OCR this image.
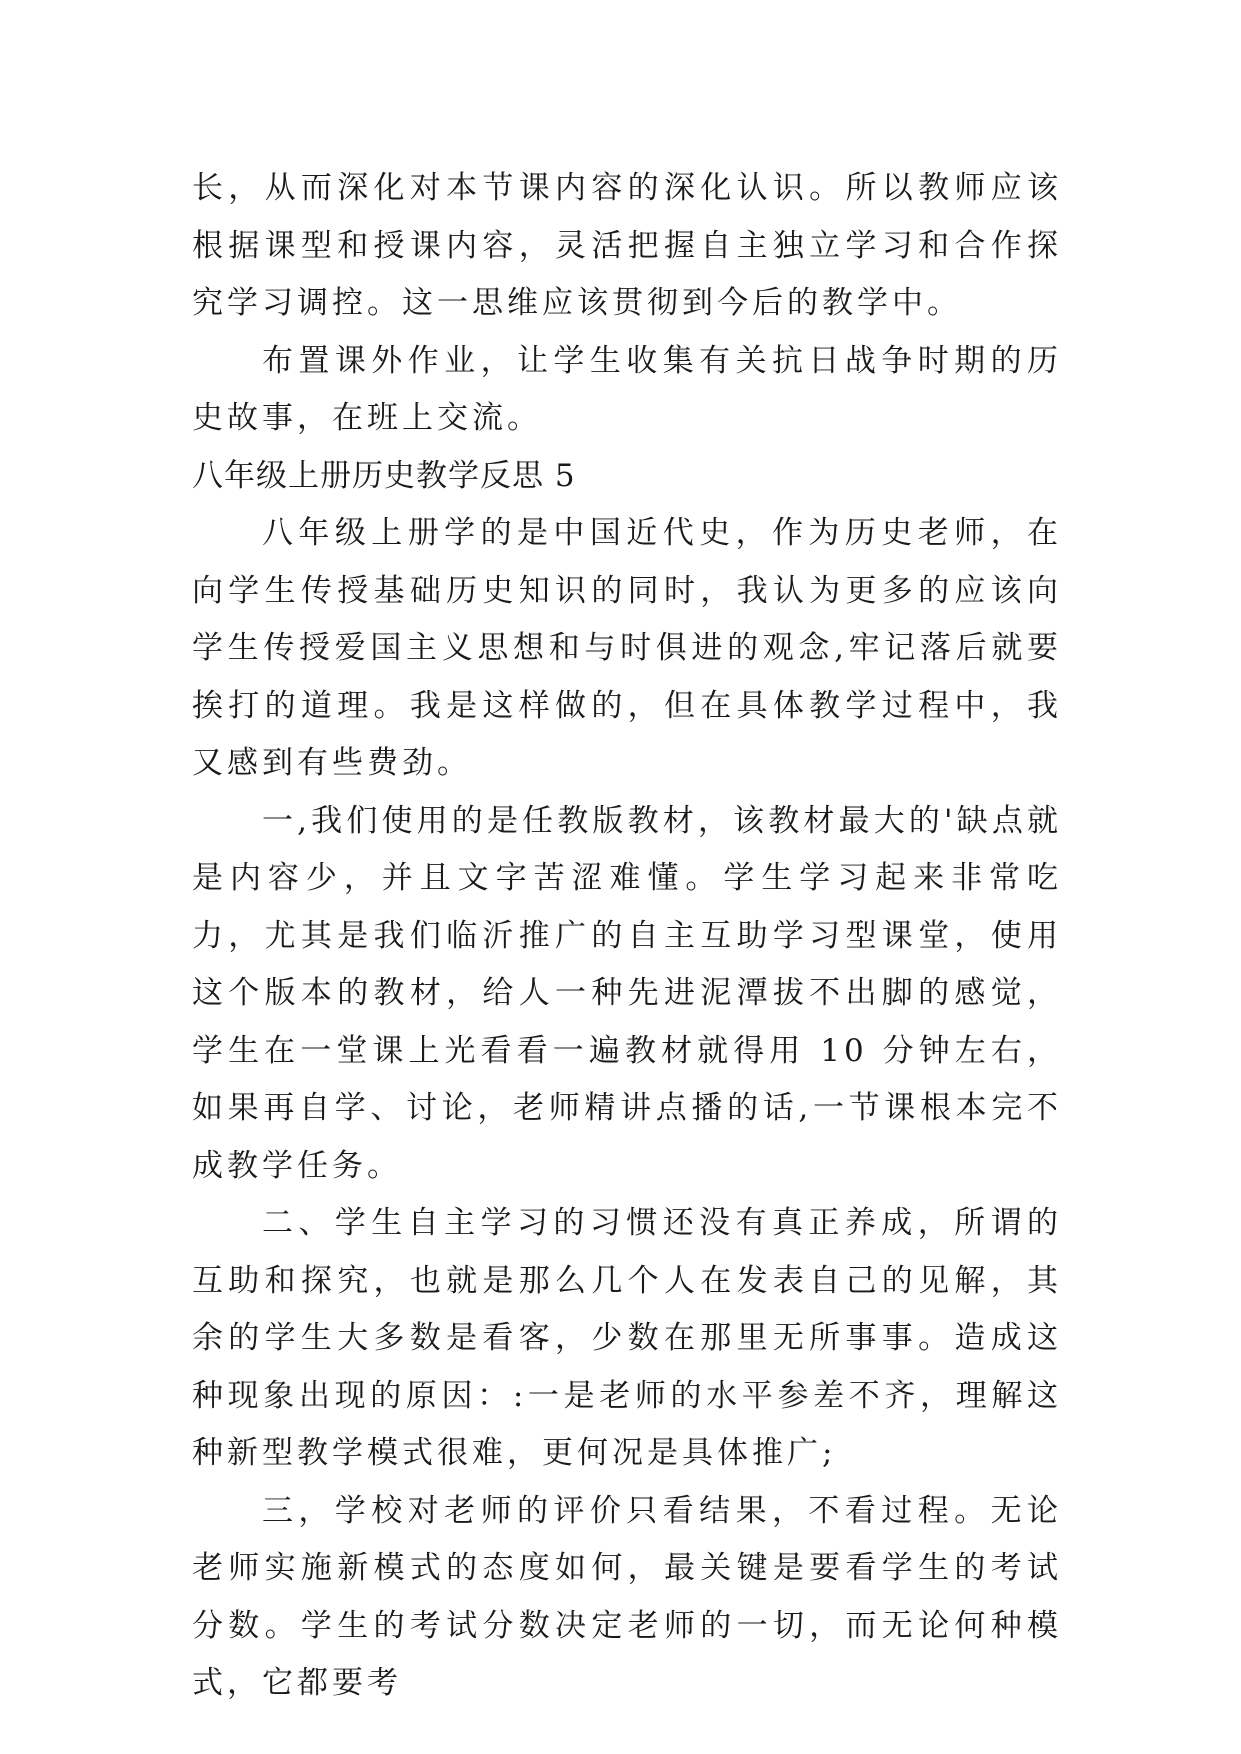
长，从而深化对本节课内容的深化认识。所以教师应该根据课型和授课内容，灵活把握自主独立学习和合作探究学习调控。这一思维应该贯彻到今后的教学中。

布置课外作业，让学生收集有关抗日战争时期的历史故事，在班上交流。

八年级上册历史教学反思 5

八年级上册学的是中国近代史，作为历史老师，在向学生传授基础历史知识的同时，我认为更多的应该向学生传授爱国主义思想和与时俱进的观念,牢记落后就要挨打的道理。我是这样做的，但在具体教学过程中，我又感到有些费劲。

一,我们使用的是任教版教材，该教材最大的'缺点就是内容少，并且文字苦涩难懂。学生学习起来非常吃力，尤其是我们临沂推广的自主互助学习型课堂，使用这个版本的教材，给人一种先进泥潭拔不出脚的感觉，学生在一堂课上光看看一遍教材就得用 10 分钟左右，如果再自学、讨论，老师精讲点播的话,一节课根本完不成教学任务。

二、学生自主学习的习惯还没有真正养成，所谓的互助和探究，也就是那么几个人在发表自己的见解，其余的学生大多数是看客，少数在那里无所事事。造成这种现象出现的原因：:一是老师的水平参差不齐，理解这种新型教学模式很难，更何况是具体推广;

三，学校对老师的评价只看结果，不看过程。无论老师实施新模式的态度如何，最关键是要看学生的考试分数。学生的考试分数决定老师的一切，而无论何种模式，它都要考
